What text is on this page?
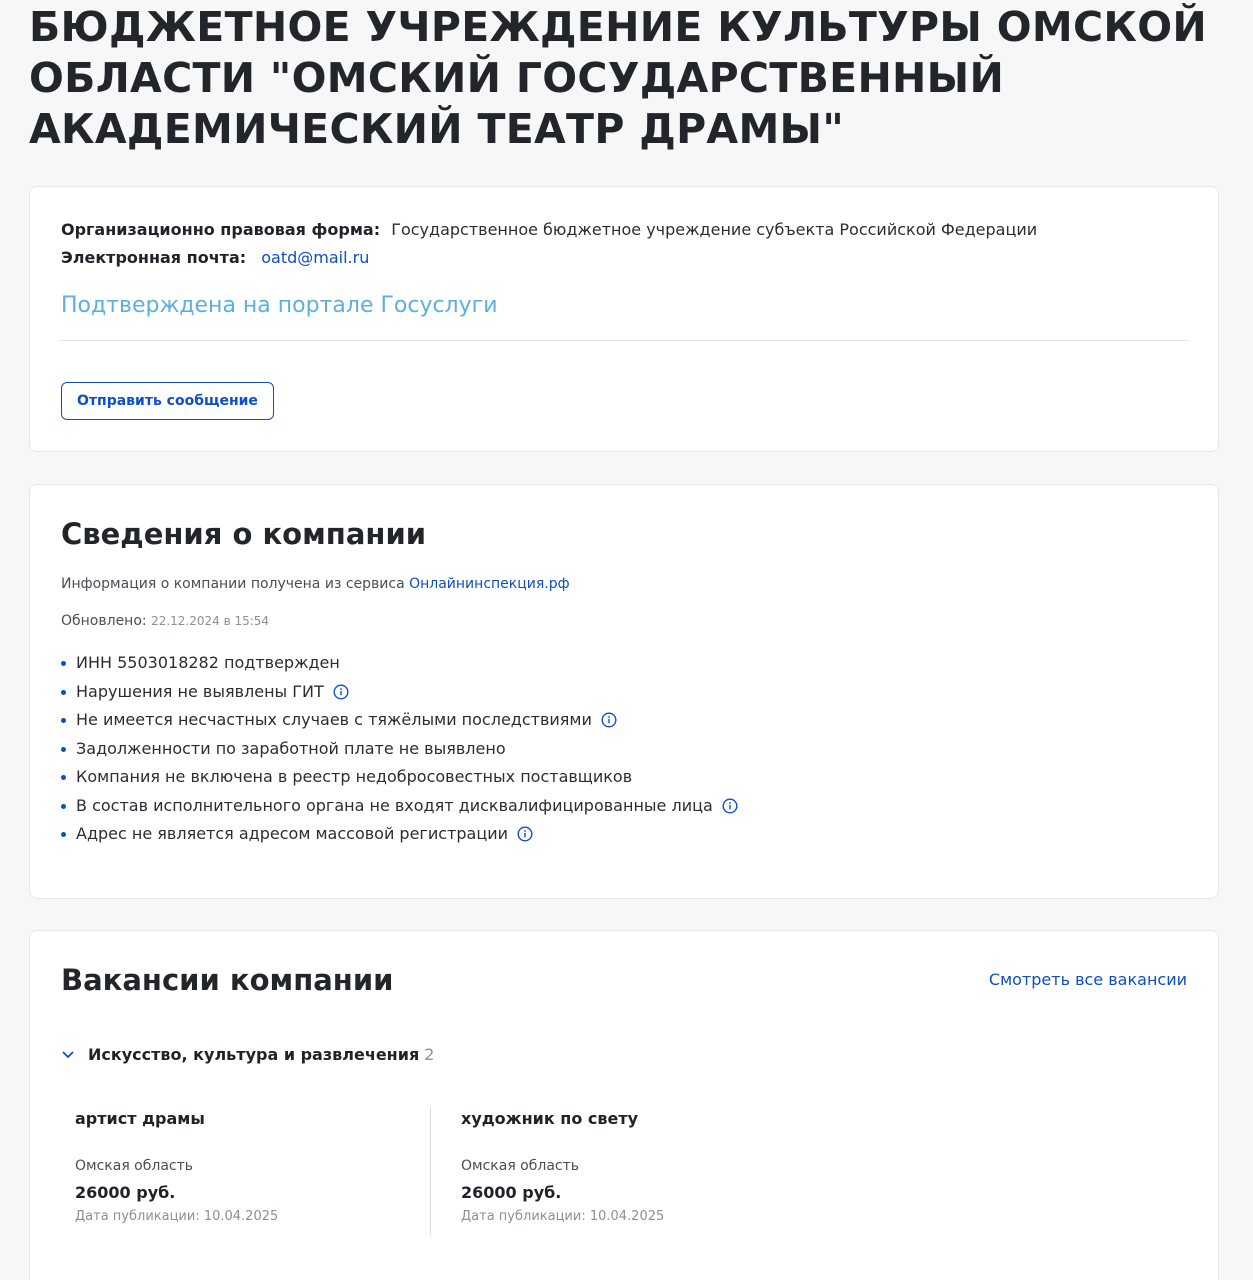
БЮДЖЕТНОЕ УЧРЕЖДЕНИЕ КУЛЬТУРЫ ОМСКОЙ ОБЛАСТИ "ОМСКИЙ ГОСУДАРСТВЕННЫЙ АКАДЕМИЧЕСКИЙ ТЕАТР ДРАМЫ"
Организационно правовая форма: Государственное бюджетное учреждение субъекта Российской Федерации
Электронная почта: oatd@mail.ru
Подтверждена на портале Госуслуги
Отправить сообщение
Сведения о компании
Информация о компании получена из сервиса Онлайнинспекция.рф
Обновлено: 22.12.2024 в 15:54
ИНН 5503018282 подтвержден
Нарушения не выявлены ГИТ
Не имеется несчастных случаев с тяжёлыми последствиями
Задолженности по заработной плате не выявлено
Компания не включена в реестр недобросовестных поставщиков
В состав исполнительного органа не входят дисквалифицированные лица
Адрес не является адресом массовой регистрации
Вакансии компании	Смотреть все вакансии
Искусство, культура и развлечения 2
артист драмы
Омская область
26000 руб.
Дата публикации: 10.04.2025
художник по свету
Омская область
26000 руб.
Дата публикации: 10.04.2025
